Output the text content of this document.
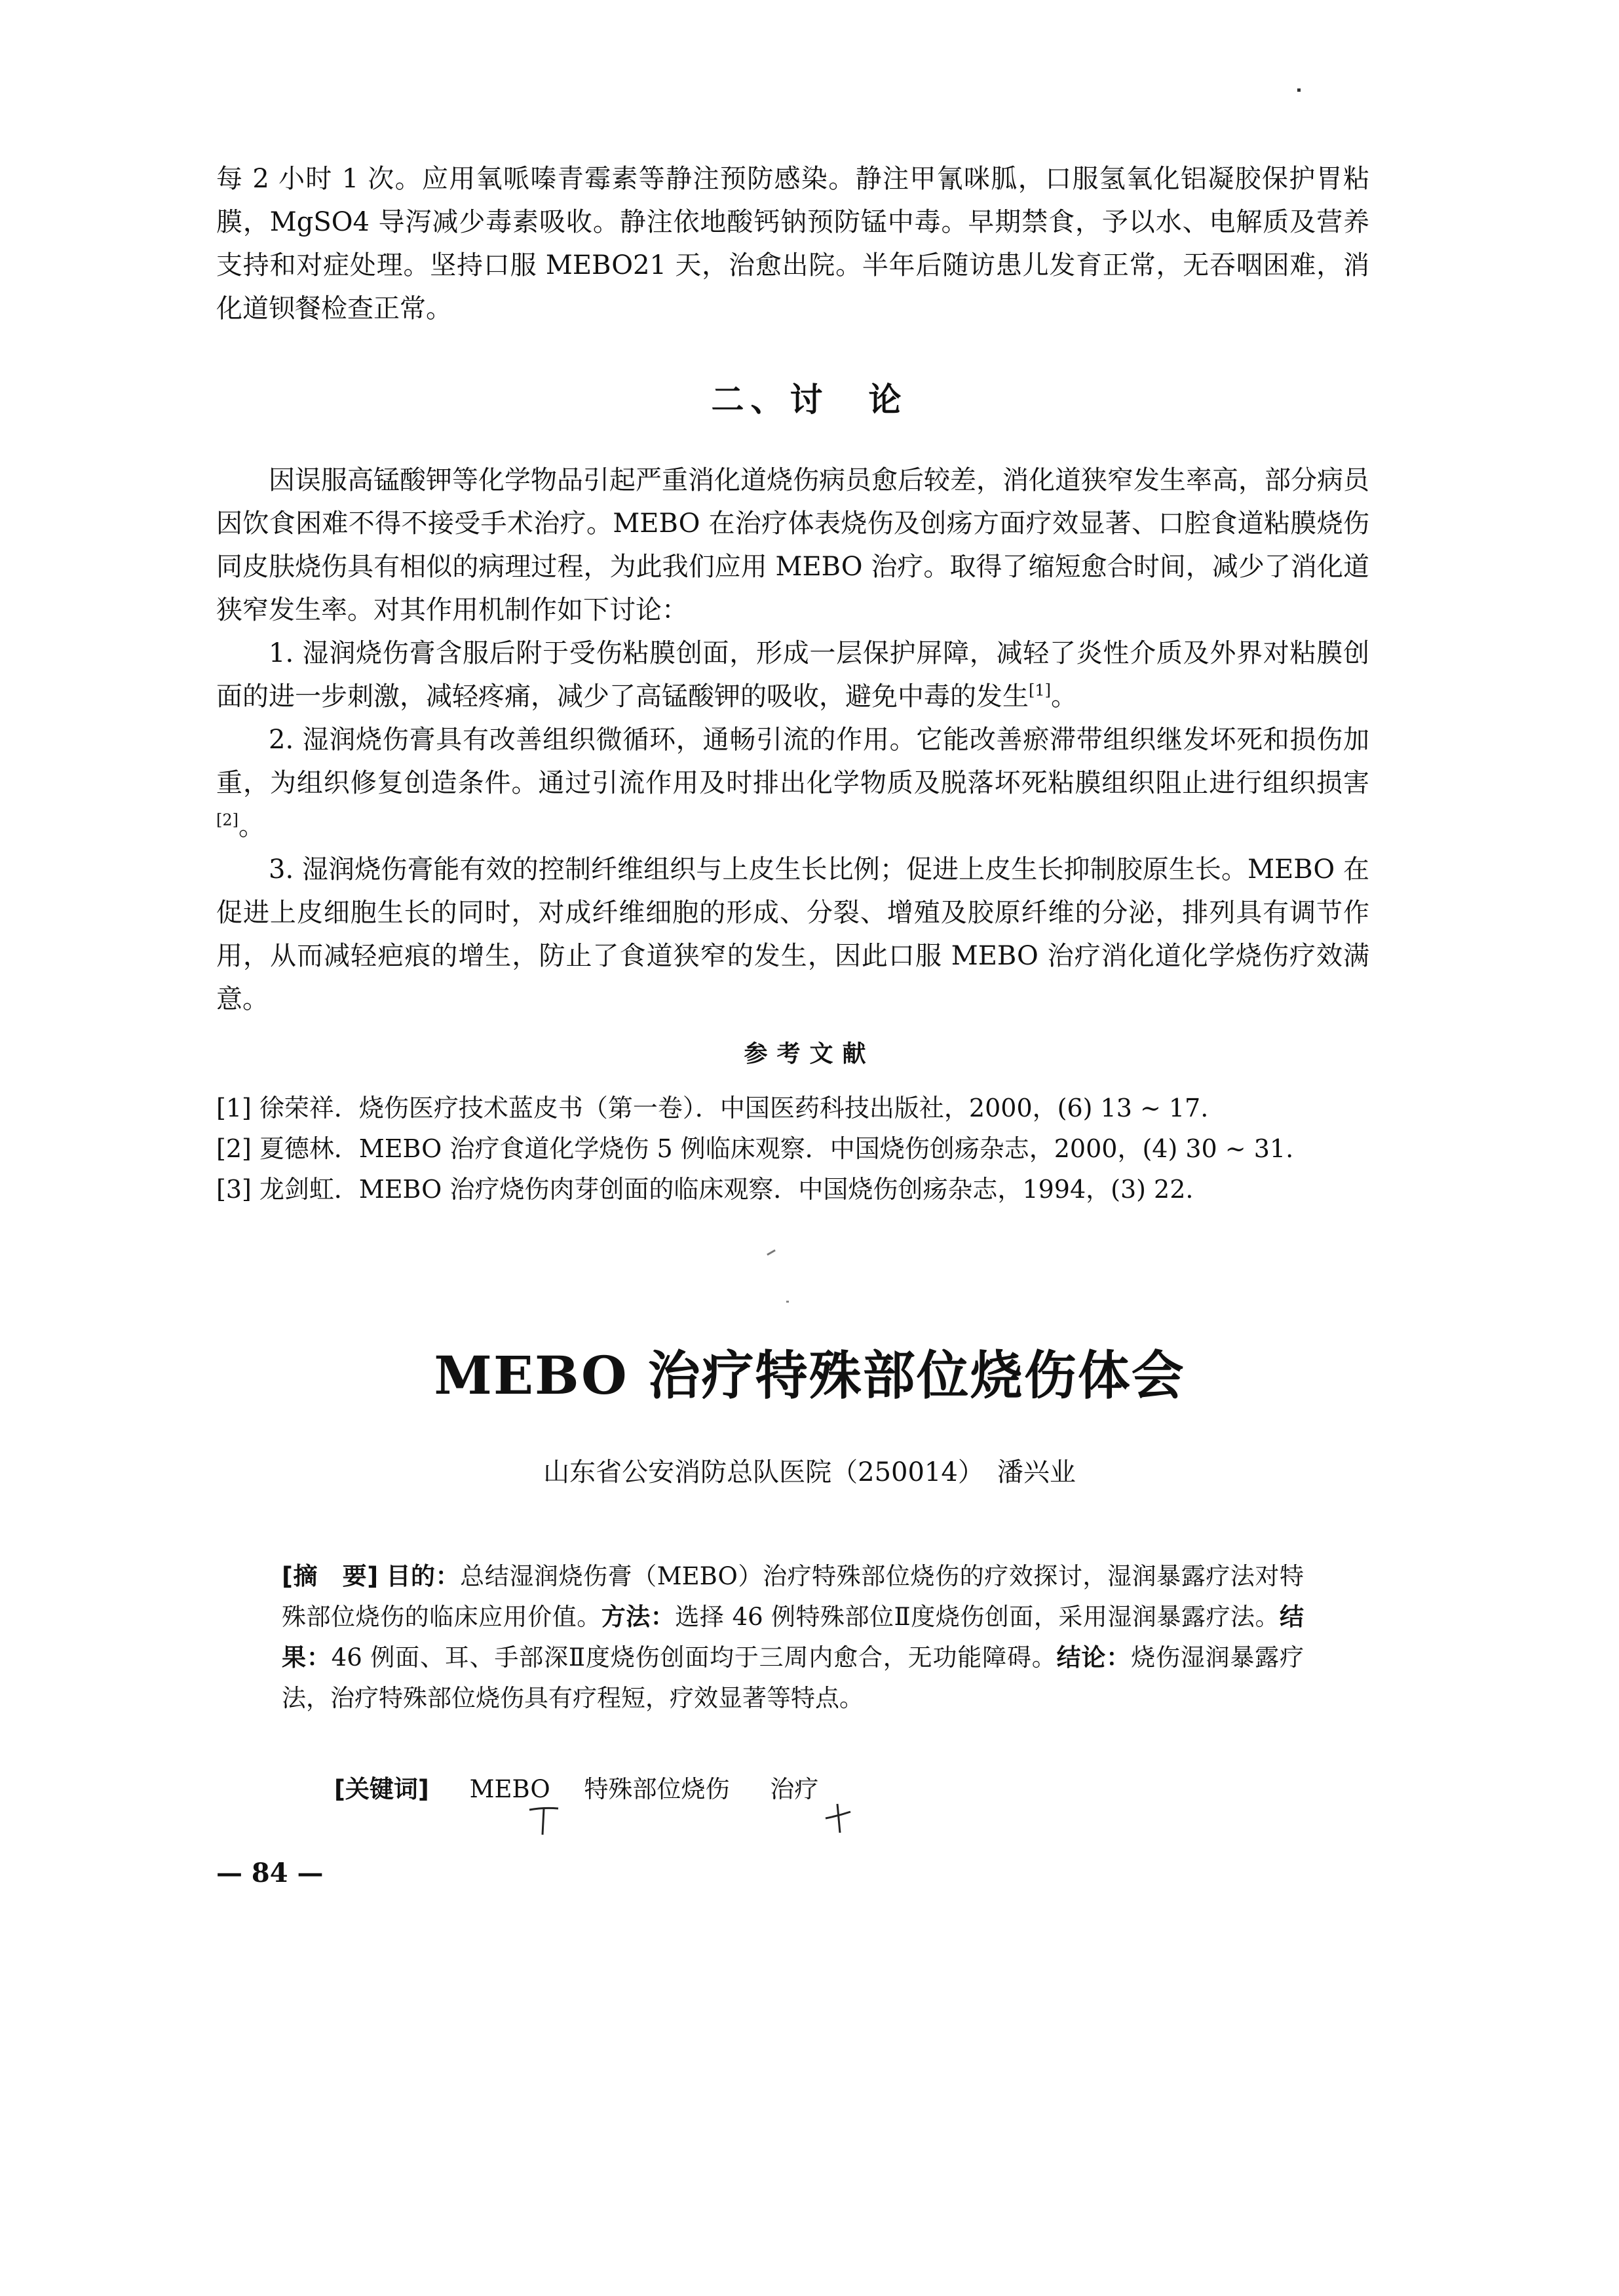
每 2 小时 1 次。应用氧哌嗪青霉素等静注预防感染。静注甲氰咪胍，口服氢氧化铝凝胶保护胃粘膜，MgSO4 导泻减少毒素吸收。静注依地酸钙钠预防锰中毒。早期禁食，予以水、电解质及营养支持和对症处理。坚持口服 MEBO21 天，治愈出院。半年后随访患儿发育正常，无吞咽困难，消化道钡餐检查正常。

二、讨　论

因误服高锰酸钾等化学物品引起严重消化道烧伤病员愈后较差，消化道狭窄发生率高，部分病员因饮食困难不得不接受手术治疗。MEBO 在治疗体表烧伤及创疡方面疗效显著、口腔食道粘膜烧伤同皮肤烧伤具有相似的病理过程，为此我们应用 MEBO 治疗。取得了缩短愈合时间，减少了消化道狭窄发生率。对其作用机制作如下讨论：

1. 湿润烧伤膏含服后附于受伤粘膜创面，形成一层保护屏障，减轻了炎性介质及外界对粘膜创面的进一步刺激，减轻疼痛，减少了高锰酸钾的吸收，避免中毒的发生[1]。

2. 湿润烧伤膏具有改善组织微循环，通畅引流的作用。它能改善瘀滞带组织继发坏死和损伤加重，为组织修复创造条件。通过引流作用及时排出化学物质及脱落坏死粘膜组织阻止进行组织损害[2]。

3. 湿润烧伤膏能有效的控制纤维组织与上皮生长比例；促进上皮生长抑制胶原生长。MEBO 在促进上皮细胞生长的同时，对成纤维细胞的形成、分裂、增殖及胶原纤维的分泌，排列具有调节作用，从而减轻疤痕的增生，防止了食道狭窄的发生，因此口服 MEBO 治疗消化道化学烧伤疗效满意。

参考文献

[1] 徐荣祥．烧伤医疗技术蓝皮书（第一卷）．中国医药科技出版社，2000，(6) 13 ~ 17.

[2] 夏德林．MEBO 治疗食道化学烧伤 5 例临床观察．中国烧伤创疡杂志，2000，(4) 30 ~ 31.

[3] 龙剑虹．MEBO 治疗烧伤肉芽创面的临床观察．中国烧伤创疡杂志，1994，(3) 22.

MEBO 治疗特殊部位烧伤体会
山东省公安消防总队医院（250014）　潘兴业
[摘　要] 目的：总结湿润烧伤膏（MEBO）治疗特殊部位烧伤的疗效探讨，湿润暴露疗法对特殊部位烧伤的临床应用价值。方法：选择 46 例特殊部位Ⅱ度烧伤创面，采用湿润暴露疗法。结果：46 例面、耳、手部深Ⅱ度烧伤创面均于三周内愈合，无功能障碍。结论：烧伤湿润暴露疗法，治疗特殊部位烧伤具有疗程短，疗效显著等特点。
[关键词] MEBO 特殊部位烧伤 治疗
— 84 —
